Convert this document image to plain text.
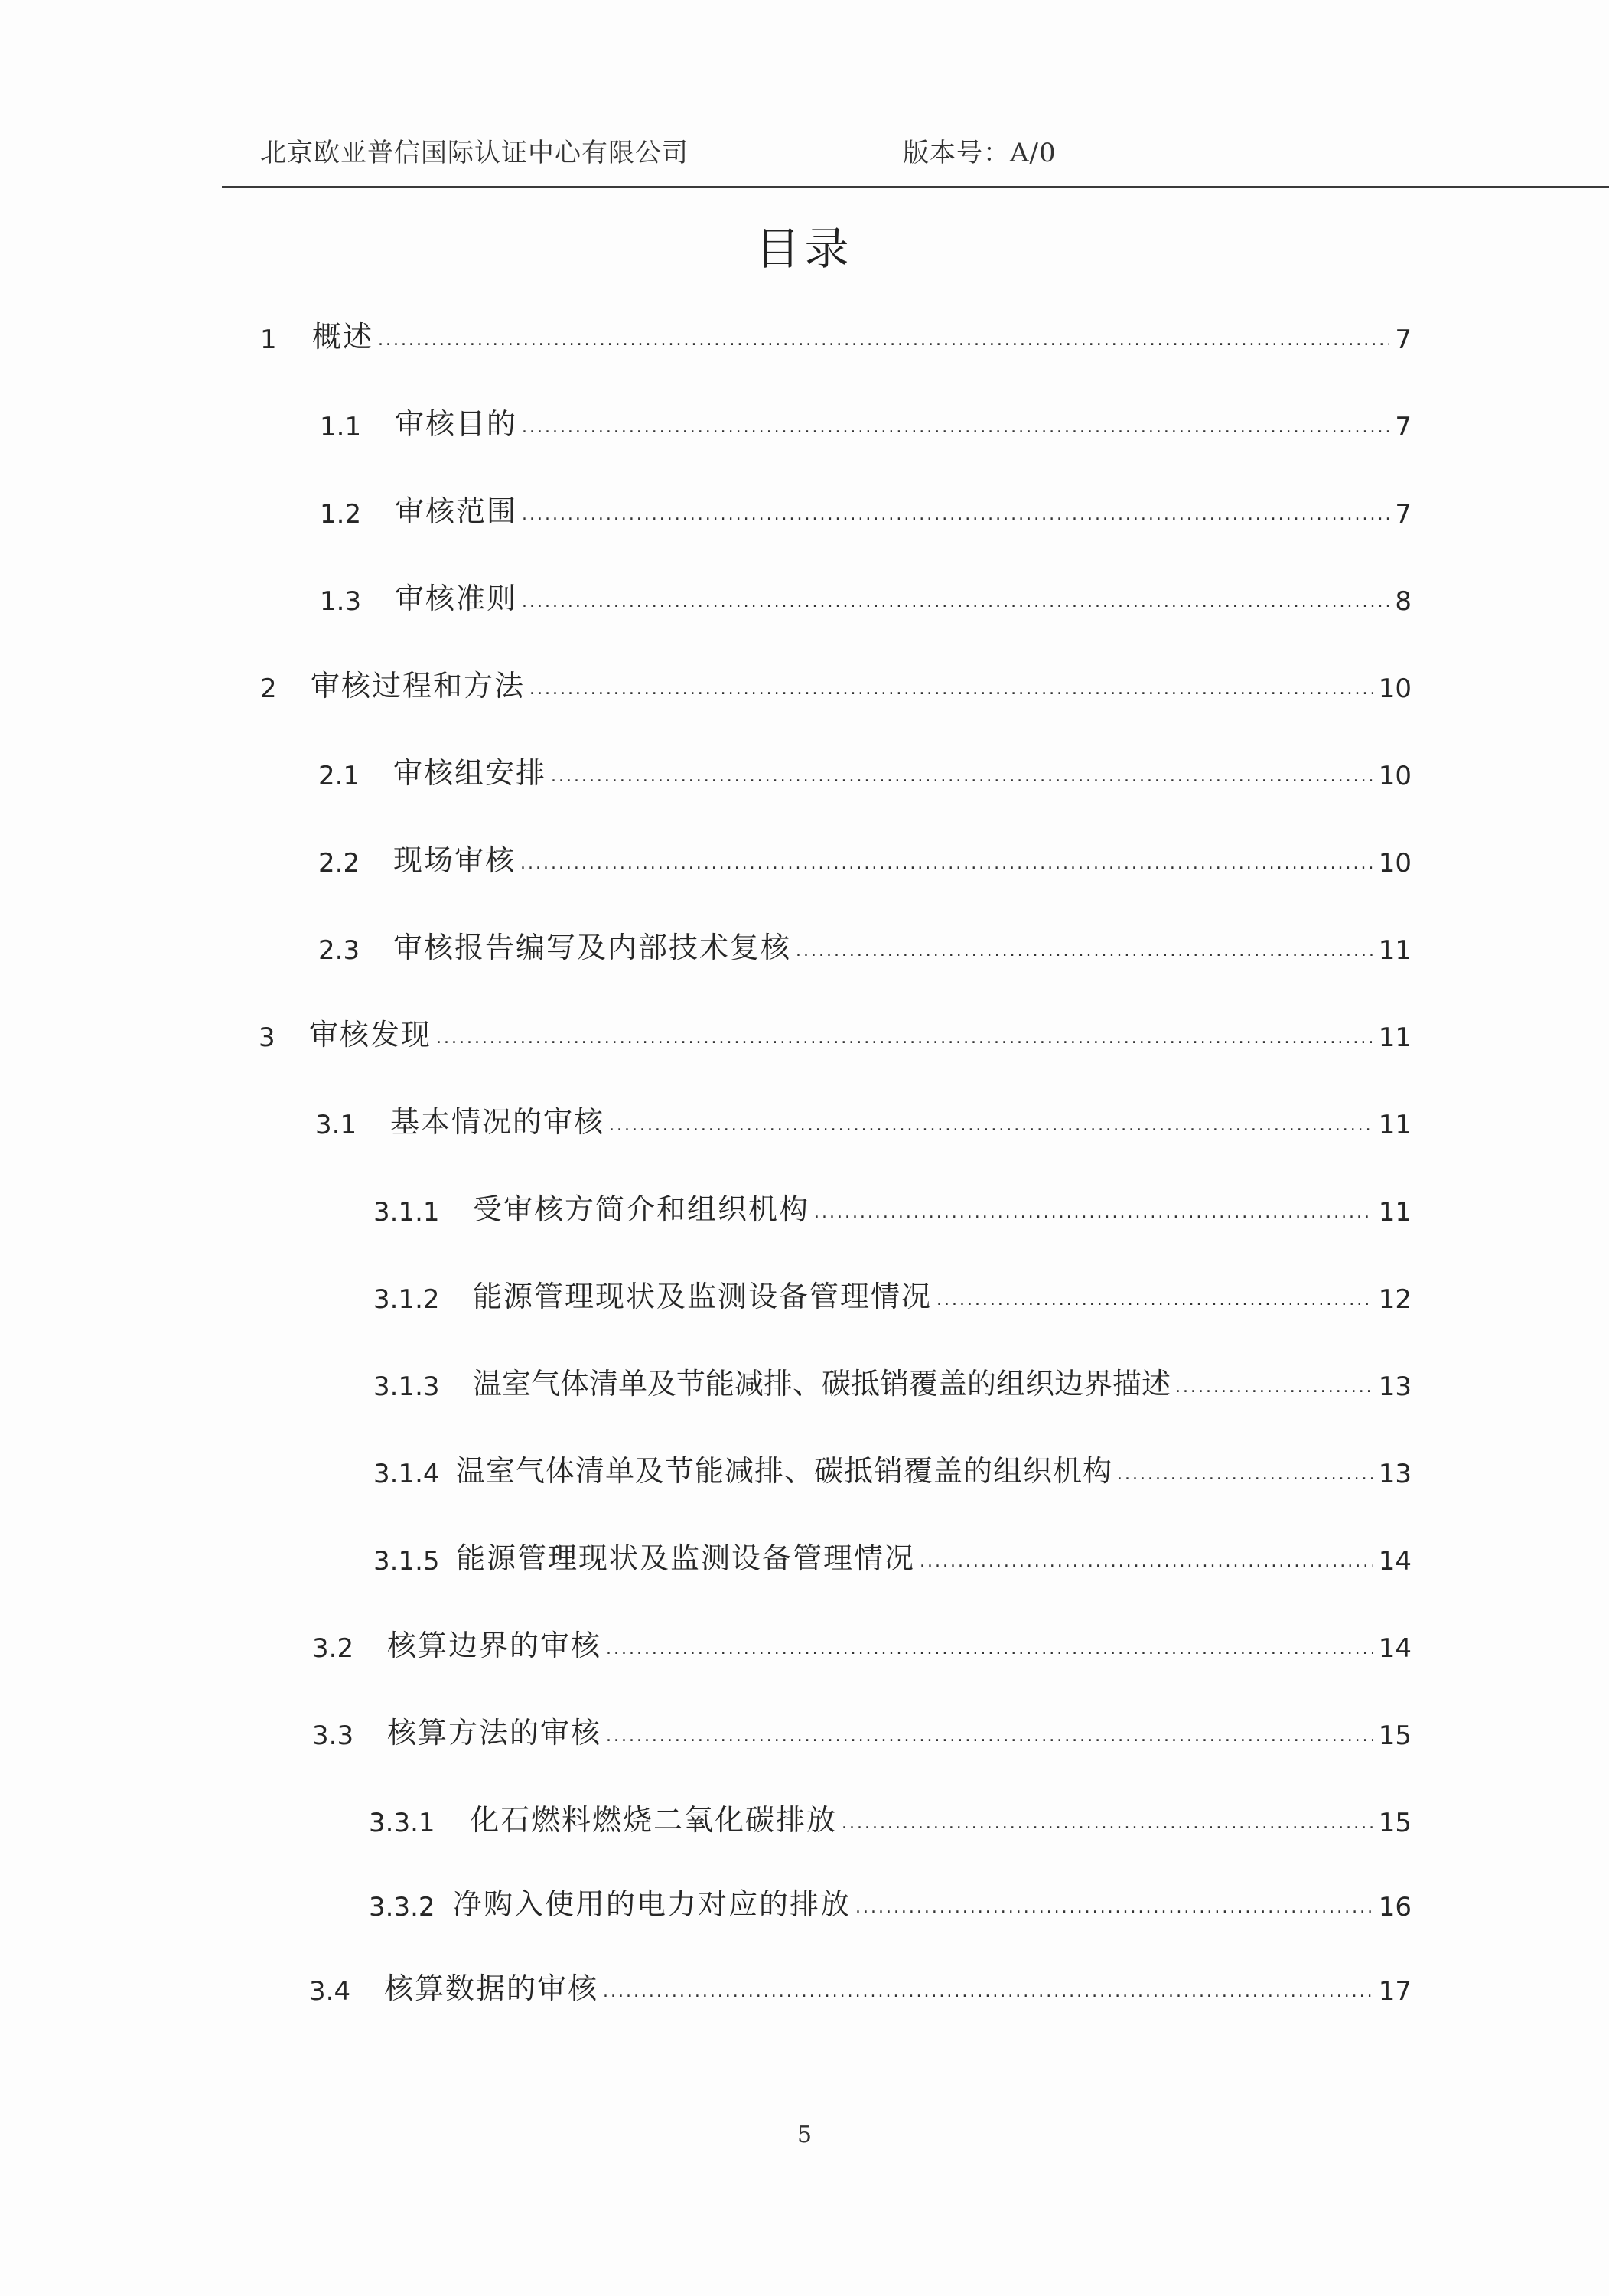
北京欧亚普信国际认证中心有限公司	版本号：A/0
目录
1	概述 . . .	7
1.1	审核目的 . . .	7
1.2	审核范围 . . .	7
1.3	审核准则 . . .	8
2	审核过程和方法 . . .	10
2.1	审核组安排 . . .	10
2.2	现场审核 . . .	10
2.3	审核报告编写及内部技术复核 . . .	11
3	审核发现 . . .	11
3.1	基本情况的审核 . . .	11
3.1.1	受审核方简介和组织机构 . . .	11
3.1.2	能源管理现状及监测设备管理情况 . . .	12
3.1.3	温室气体清单及节能减排、碳抵销覆盖的组织边界描述 . . .	13
3.1.4 温室气体清单及节能减排、碳抵销覆盖的组织机构 . . .	13
3.1.5 能源管理现状及监测设备管理情况 . . .	14
3.2	核算边界的审核 . . .	14
3.3	核算方法的审核 . . .	15
3.3.1	化石燃料燃烧二氧化碳排放 . . .	15
3.3.2 净购入使用的电力对应的排放 . . .	16
3.4	核算数据的审核 . . .	17
5
